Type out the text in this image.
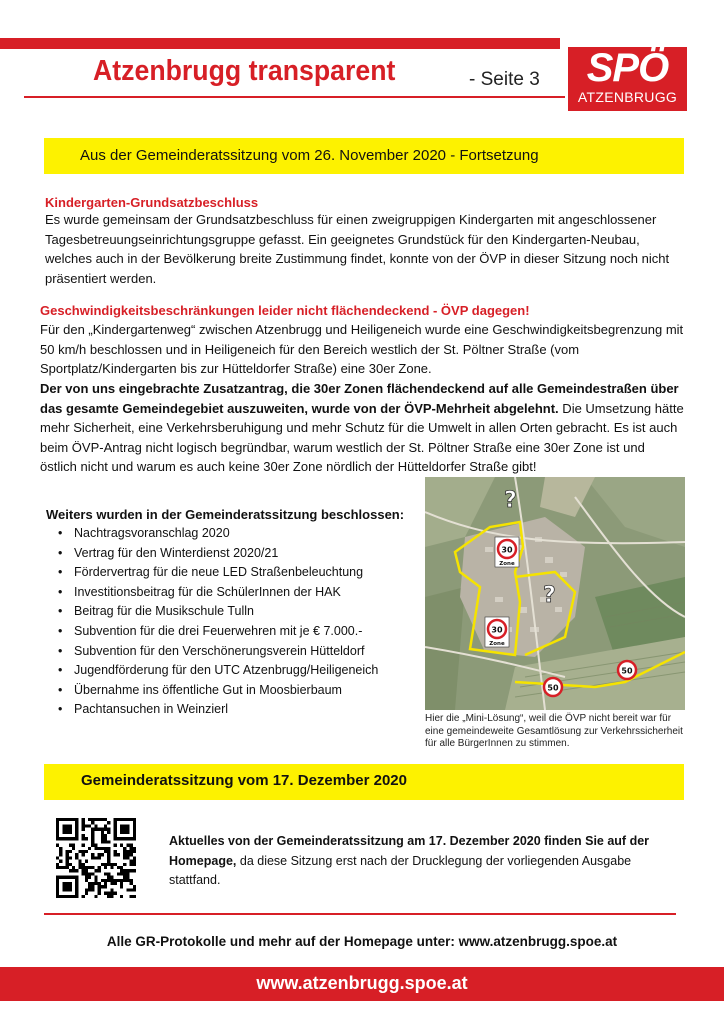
Atzenbrugg transparent	- Seite 3	SPÖ
ATZENBRUGG
Aus der Gemeinderatssitzung vom 26. November 2020 - Fortsetzung
Kindergarten-Grundsatzbeschluss
Es wurde gemeinsam der Grundsatzbeschluss für einen zweigruppigen Kindergarten mit angeschlossener Tagesbetreuungseinrichtungsgruppe gefasst. Ein geeignetes Grundstück für den Kindergarten-Neubau, welches auch in der Bevölkerung breite Zustimmung findet, konnte von der ÖVP in dieser Sitzung noch nicht präsentiert werden.
Geschwindigkeitsbeschränkungen leider nicht flächendeckend - ÖVP dagegen!
Für den „Kindergartenweg“ zwischen Atzenbrugg und Heiligeneich wurde eine Geschwindigkeitsbegrenzung mit 50 km/h beschlossen und in Heiligeneich für den Bereich westlich der St. Pöltner Straße (vom Sportplatz/Kindergarten bis zur Hütteldorfer Straße) eine 30er Zone.
Der von uns eingebrachte Zusatzantrag, die 30er Zonen flächendeckend auf alle Gemeindestraßen über das gesamte Gemeindegebiet auszuweiten, wurde von der ÖVP-Mehrheit abgelehnt. Die Umsetzung hätte mehr Sicherheit, eine Verkehrsberuhigung und mehr Schutz für die Umwelt in allen Orten gebracht. Es ist auch beim ÖVP-Antrag nicht logisch begründbar, warum westlich der St. Pöltner Straße eine 30er Zone ist und östlich nicht und warum es auch keine 30er Zone nördlich der Hütteldorfer Straße gibt!
Weiters wurden in der Gemeinderatssitzung beschlossen:
• Nachtragsvoranschlag 2020
• Vertrag für den Winterdienst 2020/21
• Fördervertrag für die neue LED Straßenbeleuchtung
• Investitionsbeitrag für die SchülerInnen der HAK
• Beitrag für die Musikschule Tulln
• Subvention für die drei Feuerwehren mit je € 7.000.-
• Subvention für den Verschönerungsverein Hütteldorf
• Jugendförderung für den UTC Atzenbrugg/Heiligeneich
• Übernahme ins öffentliche Gut in Moosbierbaum
• Pachtansuchen in Weinzierl
?
?
30
Zone
30
Zone
50
50
Hier die „Mini-Lösung“, weil die ÖVP nicht bereit war für eine gemeindeweite Gesamtlösung zur Verkehrssicherheit für alle BürgerInnen zu stimmen.
Gemeinderatssitzung vom 17. Dezember 2020
Aktuelles von der Gemeinderatssitzung am 17. Dezember 2020 finden Sie auf der Homepage, da diese Sitzung erst nach der Drucklegung der vorliegenden Ausgabe stattfand.
Alle GR-Protokolle und mehr auf der Homepage unter: www.atzenbrugg.spoe.at
www.atzenbrugg.spoe.at
